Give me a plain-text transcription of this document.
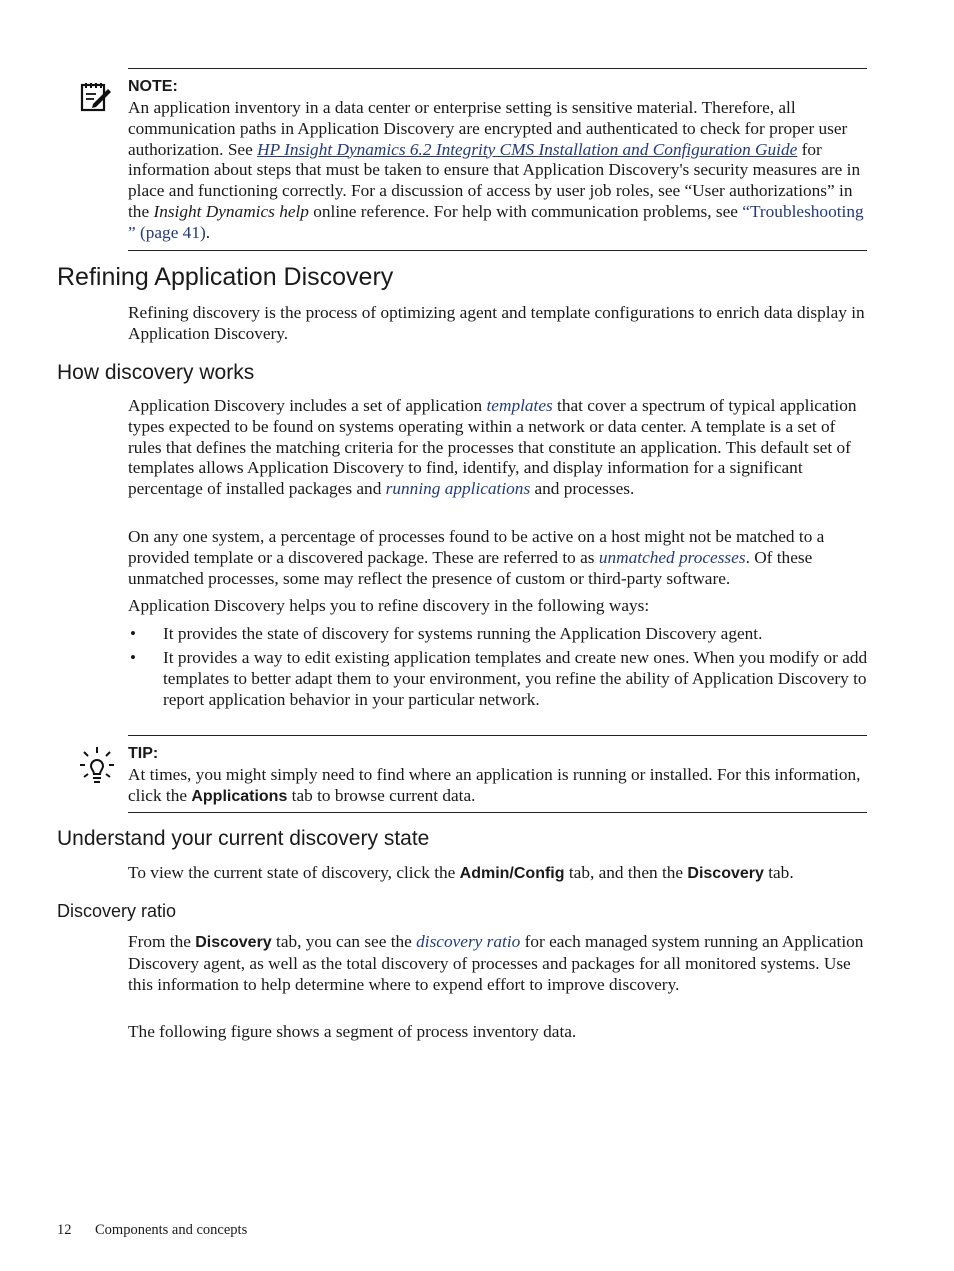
NOTE:

An application inventory in a data center or enterprise setting is sensitive material. Therefore, all communication paths in Application Discovery are encrypted and authenticated to check for proper user authorization. See HP Insight Dynamics 6.2 Integrity CMS Installation and Configuration Guide for information about steps that must be taken to ensure that Application Discovery's security measures are in place and functioning correctly. For a discussion of access by user job roles, see “User authorizations” in the Insight Dynamics help online reference. For help with communication problems, see “Troubleshooting ” (page 41).

Refining Application Discovery

Refining discovery is the process of optimizing agent and template configurations to enrich data display in Application Discovery.

How discovery works

Application Discovery includes a set of application templates that cover a spectrum of typical application types expected to be found on systems operating within a network or data center. A template is a set of rules that defines the matching criteria for the processes that constitute an application. This default set of templates allows Application Discovery to find, identify, and display information for a significant percentage of installed packages and running applications and processes.

On any one system, a percentage of processes found to be active on a host might not be matched to a provided template or a discovered package. These are referred to as unmatched processes. Of these unmatched processes, some may reflect the presence of custom or third-party software.

Application Discovery helps you to refine discovery in the following ways:

• It provides the state of discovery for systems running the Application Discovery agent.

• It provides a way to edit existing application templates and create new ones. When you modify or add templates to better adapt them to your environment, you refine the ability of Application Discovery to report application behavior in your particular network.

TIP:

At times, you might simply need to find where an application is running or installed. For this information, click the Applications tab to browse current data.

Understand your current discovery state

To view the current state of discovery, click the Admin/Config tab, and then the Discovery tab.

Discovery ratio

From the Discovery tab, you can see the discovery ratio for each managed system running an Application Discovery agent, as well as the total discovery of processes and packages for all monitored systems. Use this information to help determine where to expend effort to improve discovery.

The following figure shows a segment of process inventory data.

12 Components and concepts
